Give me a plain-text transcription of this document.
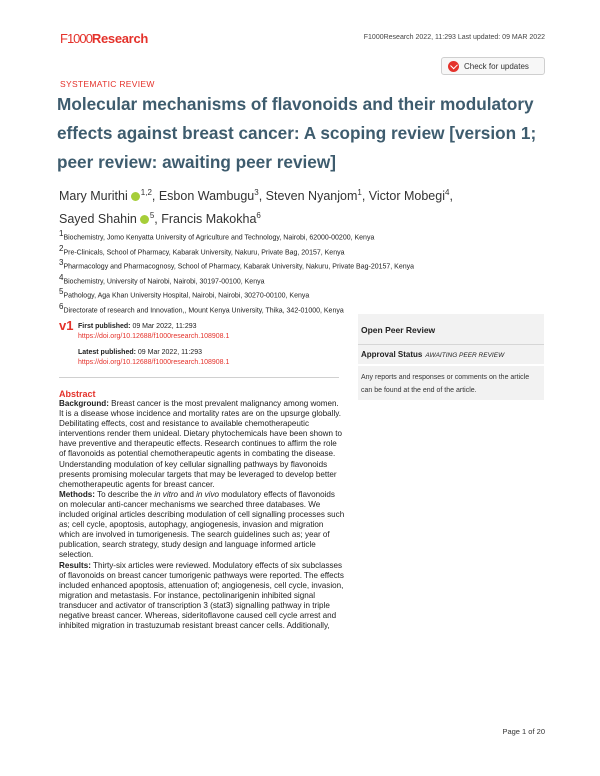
F1000Research	F1000Research 2022, 11:293 Last updated: 09 MAR 2022
Check for updates
SYSTEMATIC REVIEW
Molecular mechanisms of flavonoids and their modulatory effects against breast cancer: A scoping review [version 1; peer review: awaiting peer review]
Mary Murithi $^{1,2}$, Esbon Wambugu$^3$, Steven Nyanjom$^1$, Victor Mobegi$^4$,
Sayed Shahin $^5$, Francis Makokha$^6$
$^1$Biochemistry, Jomo Kenyatta University of Agriculture and Technology, Nairobi, 62000-00200, Kenya
$^2$Pre-Clinicals, School of Pharmacy, Kabarak University, Nakuru, Private Bag, 20157, Kenya
$^3$Pharmacology and Pharmacognosy, School of Pharmacy, Kabarak University, Nakuru, Private Bag-20157, Kenya
$^4$Biochemistry, University of Nairobi, Nairobi, 30197-00100, Kenya
$^5$Pathology, Aga Khan University Hospital, Nairobi, Nairobi, 30270-00100, Kenya
$^6$Directorate of research and Innovation,, Mount Kenya University, Thika, 342-01000, Kenya
v1 First published: 09 Mar 2022, 11:293
https://doi.org/10.12688/f1000research.108908.1
Latest published: 09 Mar 2022, 11:293
https://doi.org/10.12688/f1000research.108908.1
Abstract

Background: Breast cancer is the most prevalent malignancy among women. It is a disease whose incidence and mortality rates are on the upsurge globally. Debilitating effects, cost and resistance to available chemotherapeutic interventions render them unideal. Dietary phytochemicals have been shown to have preventive and therapeutic effects. Research continues to affirm the role of flavonoids as potential chemotherapeutic agents in combating the disease. Understanding modulation of key cellular signalling pathways by flavonoids presents promising molecular targets that may be leveraged to develop better chemotherapeutic agents for breast cancer.

Methods: To describe the in vitro and in vivo modulatory effects of flavonoids on molecular anti-cancer mechanisms we searched three databases. We included original articles describing modulation of cell signalling processes such as; cell cycle, apoptosis, autophagy, angiogenesis, invasion and migration which are involved in tumorigenesis. The search guidelines such as; year of publication, search strategy, study design and language informed article selection.

Results: Thirty-six articles were reviewed. Modulatory effects of six subclasses of flavonoids on breast cancer tumorigenic pathways were reported. The effects included enhanced apoptosis, attenuation of; angiogenesis, cell cycle, invasion, migration and metastasis. For instance, pectolinarigenin inhibited signal transducer and activator of transcription 3 (stat3) signalling pathway in triple negative breast cancer. Whereas, sideritoflavone caused cell cycle arrest and inhibited migration in trastuzumab resistant breast cancer cells. Additionally,

Open Peer Review
Approval Status AWAITING PEER REVIEW
Any reports and responses or comments on the article can be found at the end of the article.
Page 1 of 20
